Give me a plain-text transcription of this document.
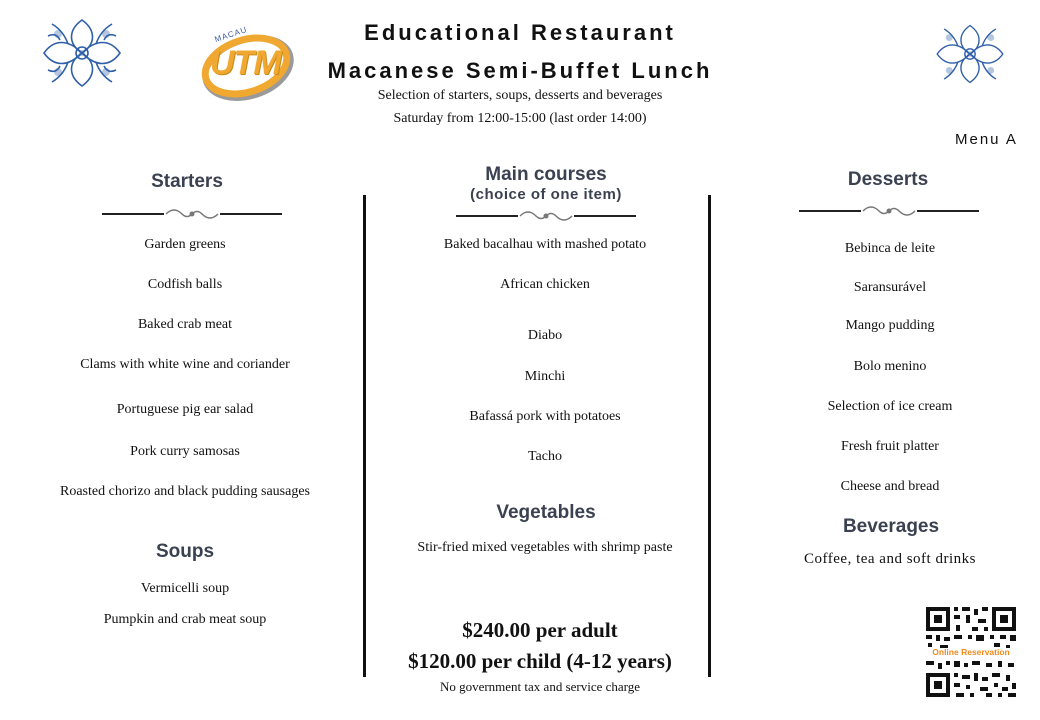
UTM
MACAU	Educational Restaurant
Macanese Semi-Buffet Lunch
Selection of starters, soups, desserts and beverages
Saturday from 12:00-15:00 (last order 14:00)
Menu A
Starters
Garden greens
Codfish balls
Baked crab meat
Clams with white wine and coriander
Portuguese pig ear salad
Pork curry samosas
Roasted chorizo and black pudding sausages
Soups
Vermicelli soup
Pumpkin and crab meat soup
Main courses
(choice of one item)
Baked bacalhau with mashed potato
African chicken
Diabo
Minchi
Bafassá pork with potatoes
Tacho
Vegetables
Stir-fried mixed vegetables with shrimp paste
$240.00 per adult
$120.00 per child (4-12 years)
No government tax and service charge
Desserts
Bebinca de leite
Saransurável
Mango pudding
Bolo menino
Selection of ice cream
Fresh fruit platter
Cheese and bread
Beverages
Coffee, tea and soft drinks
Online Reservation
